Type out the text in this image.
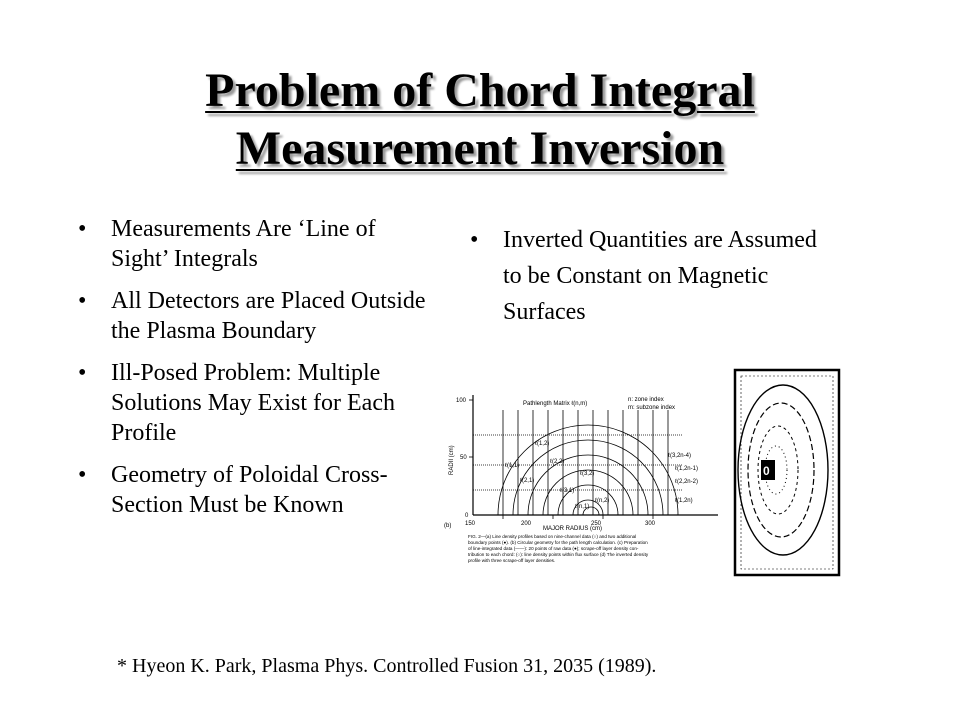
Problem of Chord Integral
Measurement Inversion
• Measurements Are ‘Line of Sight’ Integrals
• All Detectors are Placed Outside the Plasma Boundary
• Ill-Posed Problem: Multiple Solutions May Exist for Each Profile
• Geometry of Poloidal Cross-Section Must be Known
• Inverted Quantities are Assumed to be Constant on Magnetic Surfaces
Pathlength Matrix ℓ(n,m)
n: zone index
m: subzone index
RADII (cm)
MAJOR RADIUS (cm)
100
50
0
150	200	250	300
(b)
ℓ(1,1)
ℓ(1,2)
ℓ(2,1)
ℓ(2,2)
ℓ(3,1)
ℓ(3,2)
ℓ(n,1)
ℓ(n,2)
ℓ(3,2n-4)
ℓ(1,2n-1)
ℓ(2,2n-2)
ℓ(1,2n)
FIG. 2—(a) Line density profiles based on nine-channel data (○) and two additional
boundary points (●). (b) Circular geometry for the path length calculation. (c) Preparation
of line-integrated data (——): 20 points of raw data (●); scrape-off layer density con-
tribution to each chord: (○): line density points within flux surface (d) The inverted density
profile with three scrape-off layer densities.
0
* Hyeon K. Park, Plasma Phys. Controlled Fusion 31, 2035 (1989).
